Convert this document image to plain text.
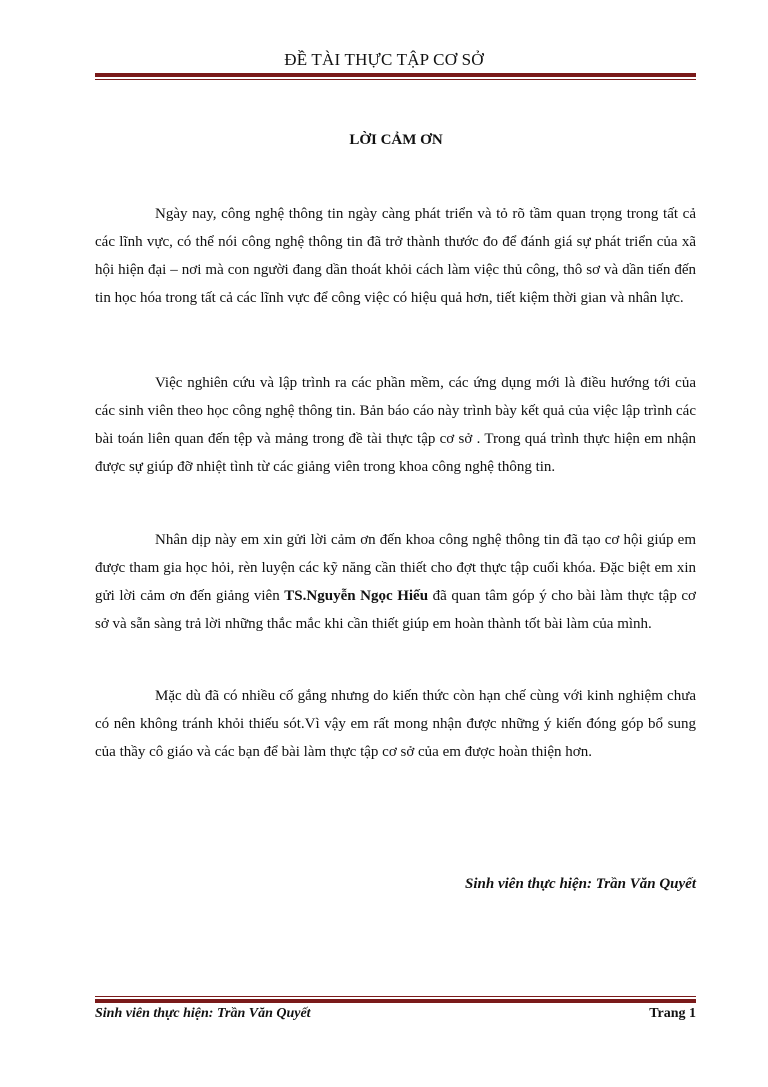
ĐỀ TÀI THỰC TẬP CƠ SỞ
LỜI CẢM ƠN

Ngày nay, công nghệ thông tin ngày càng phát triển và tỏ rõ tầm quan trọng trong tất cả các lĩnh vực, có thể nói công nghệ thông tin đã trở thành thước đo để đánh giá sự phát triển của xã hội hiện đại – nơi mà con người đang dần thoát khỏi cách làm việc thủ công, thô sơ và dần tiến đến tin học hóa trong tất cả các lĩnh vực để công việc có hiệu quả hơn, tiết kiệm thời gian và nhân lực.

Việc nghiên cứu và lập trình ra các phần mềm, các ứng dụng mới là điều hướng tới của các sinh viên theo học công nghệ thông tin. Bản báo cáo này trình bày kết quả của việc lập trình các bài toán liên quan đến tệp và mảng trong đề tài thực tập cơ sở . Trong quá trình thực hiện em nhận được sự giúp đỡ nhiệt tình từ các giảng viên trong khoa công nghệ thông tin.

Nhân dịp này em xin gửi lời cảm ơn đến khoa công nghệ thông tin đã tạo cơ hội giúp em được tham gia học hỏi, rèn luyện các kỹ năng cần thiết cho đợt thực tập cuối khóa. Đặc biệt em xin gửi lời cảm ơn đến giảng viên TS.Nguyễn Ngọc Hiếu đã quan tâm góp ý cho bài làm thực tập cơ sở và sẵn sàng trả lời những thắc mắc khi cần thiết giúp em hoàn thành tốt bài làm của mình.

Mặc dù đã có nhiều cố gắng nhưng do kiến thức còn hạn chế cùng với kinh nghiệm chưa có nên không tránh khỏi thiếu sót.Vì vậy em rất mong nhận được những ý kiến đóng góp bổ sung của thầy cô giáo và các bạn để bài làm thực tập cơ sở của em được hoàn thiện hơn.

Sinh viên thực hiện: Trần Văn Quyết
Sinh viên thực hiện: Trần Văn Quyết	Trang 1
